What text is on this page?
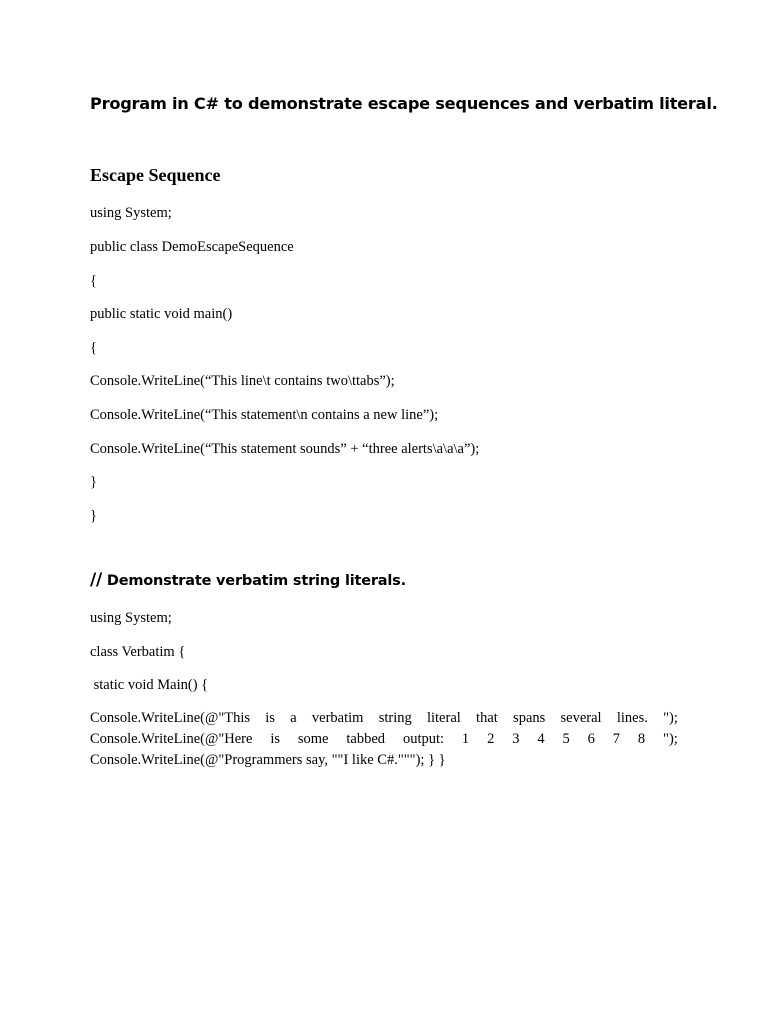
Program in C# to demonstrate escape sequences and verbatim literal.
Escape Sequence
using System;
public class DemoEscapeSequence
{
public static void main()
{
Console.WriteLine(“This line\t contains two\ttabs”);
Console.WriteLine(“This statement\n contains a new line”);
Console.WriteLine(“This statement sounds” + “three alerts\a\a\a”);
}
}
// Demonstrate verbatim string literals.
using System;
class Verbatim {
static void Main() {
Console.WriteLine(@"This is a verbatim string literal that spans several lines. ");
Console.WriteLine(@"Here is some tabbed output: 1 2 3 4 5 6 7 8 ");
Console.WriteLine(@"Programmers say, ""I like C#."""); } }
